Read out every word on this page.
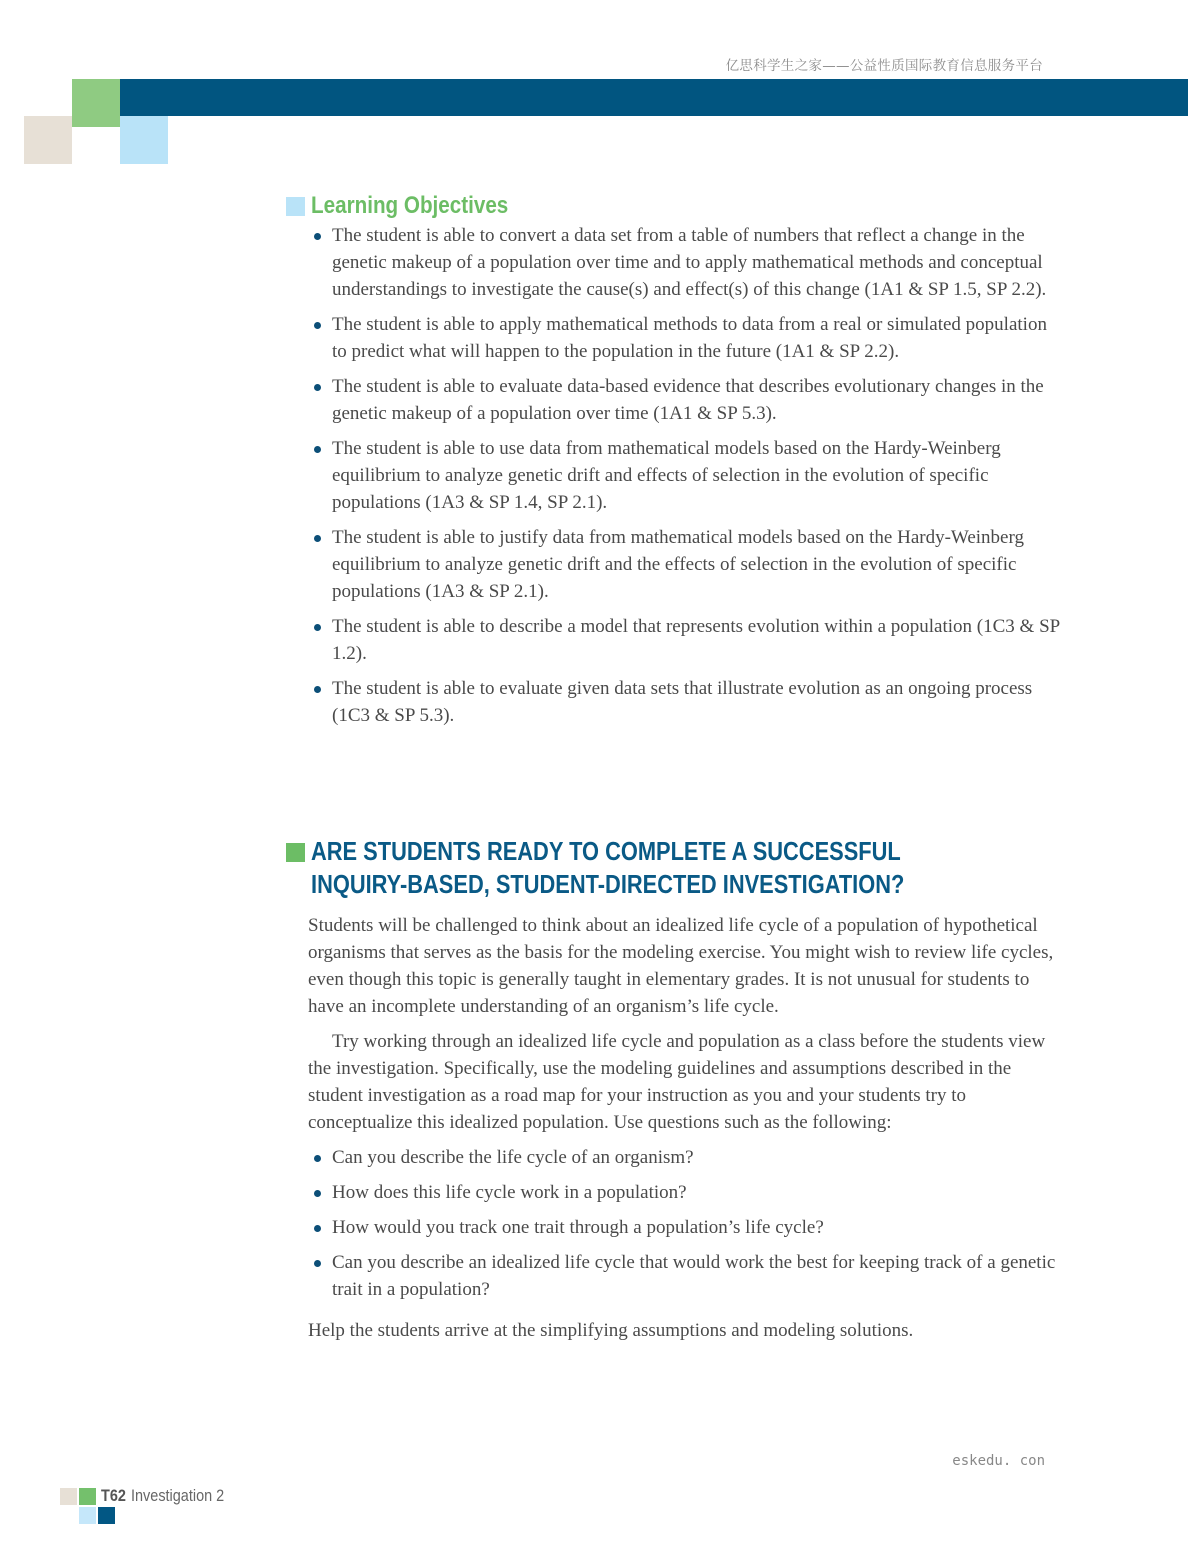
亿思科学生之家——公益性质国际教育信息服务平台
Learning Objectives
The student is able to convert a data set from a table of numbers that reflect a change in the genetic makeup of a population over time and to apply mathematical methods and conceptual understandings to investigate the cause(s) and effect(s) of this change (1A1 & SP 1.5, SP 2.2).
The student is able to apply mathematical methods to data from a real or simulated population to predict what will happen to the population in the future (1A1 & SP 2.2).
The student is able to evaluate data-based evidence that describes evolutionary changes in the genetic makeup of a population over time (1A1 & SP 5.3).
The student is able to use data from mathematical models based on the Hardy-Weinberg equilibrium to analyze genetic drift and effects of selection in the evolution of specific populations (1A3 & SP 1.4, SP 2.1).
The student is able to justify data from mathematical models based on the Hardy-Weinberg equilibrium to analyze genetic drift and the effects of selection in the evolution of specific populations (1A3 & SP 2.1).
The student is able to describe a model that represents evolution within a population (1C3 & SP 1.2).
The student is able to evaluate given data sets that illustrate evolution as an ongoing process (1C3 & SP 5.3).
ARE STUDENTS READY TO COMPLETE A SUCCESSFUL
INQUIRY-BASED, STUDENT-DIRECTED INVESTIGATION?

Students will be challenged to think about an idealized life cycle of a population of hypothetical organisms that serves as the basis for the modeling exercise. You might wish to review life cycles, even though this topic is generally taught in elementary grades. It is not unusual for students to have an incomplete understanding of an organism’s life cycle.

Try working through an idealized life cycle and population as a class before the students view the investigation. Specifically, use the modeling guidelines and assumptions described in the student investigation as a road map for your instruction as you and your students try to conceptualize this idealized population. Use questions such as the following:

Can you describe the life cycle of an organism?
How does this life cycle work in a population?
How would you track one trait through a population’s life cycle?
Can you describe an idealized life cycle that would work the best for keeping track of a genetic trait in a population?

Help the students arrive at the simplifying assumptions and modeling solutions.

eskedu. con
T62 Investigation 2
